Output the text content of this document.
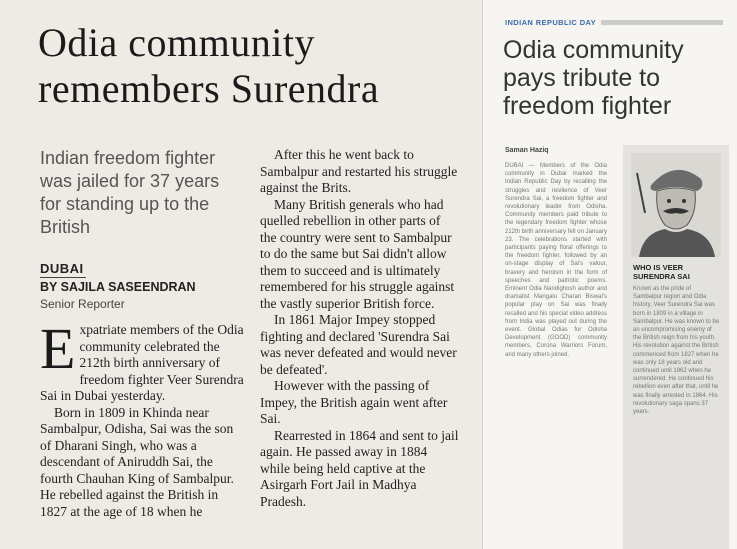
Odia community remembers Surendra
Indian freedom fighter was jailed for 37 years for standing up to the British
DUBAI
BY SAJILA SASEENDRAN
Senior Reporter

Expatriate members of the Odia community celebrated the 212th birth anniversary of freedom fighter Veer Surendra Sai in Dubai yesterday.

Born in 1809 in Khinda near Sambalpur, Odisha, Sai was the son of Dharani Singh, who was a descendant of Aniruddh Sai, the fourth Chauhan King of Sambalpur. He rebelled against the British in 1827 at the age of 18 when he

After this he went back to Sambalpur and restarted his struggle against the Brits.

Many British generals who had quelled rebellion in other parts of the country were sent to Sambalpur to do the same but Sai didn't allow them to succeed and is ultimately remembered for his struggle against the vastly superior British force.

In 1861 Major Impey stopped fighting and declared 'Surendra Sai was never defeated and would never be defeated'.

However with the passing of Impey, the British again went after Sai.

Rearrested in 1864 and sent to jail again. He passed away in 1884 while being held captive at the Asirgarh Fort Jail in Madhya Pradesh.

INDIAN REPUBLIC DAY
Odia community pays tribute to freedom fighter
Saman Haziq
DUBAI — Members of the Odia community in Dubai marked the Indian Republic Day by recalling the struggles and resilience of Veer Surendra Sai, a freedom fighter and revolutionary leader from Odisha. Community members paid tribute to the legendary freedom fighter whose 212th birth anniversary fell on January 23. The celebrations started with participants paying floral offerings to the freedom fighter, followed by an on-stage display of Sai's valour, bravery and heroism in the form of speeches and patriotic poems. Eminent Odia Nandighosh author and dramatist Mangalu Charan Biswal's popular play on Sai was finally recalled and his special video address from India was played out during the event. Global Odias for Odisha Development (GOOD) community members, Corona Warriors Forum, and many others joined.
WHO IS VEER SURENDRA SAI
Known as the pride of Sambalpur region and Odia history, Veer Surendra Sai was born in 1809 in a village in Sambalpur. He was known to be an uncompromising enemy of the British reign from his youth. His revolution against the British commenced from 1827 when he was only 18 years old and continued until 1862 when he surrendered. He continued his rebellion even after that, until he was finally arrested in 1864. His revolutionary saga spans 37 years.
